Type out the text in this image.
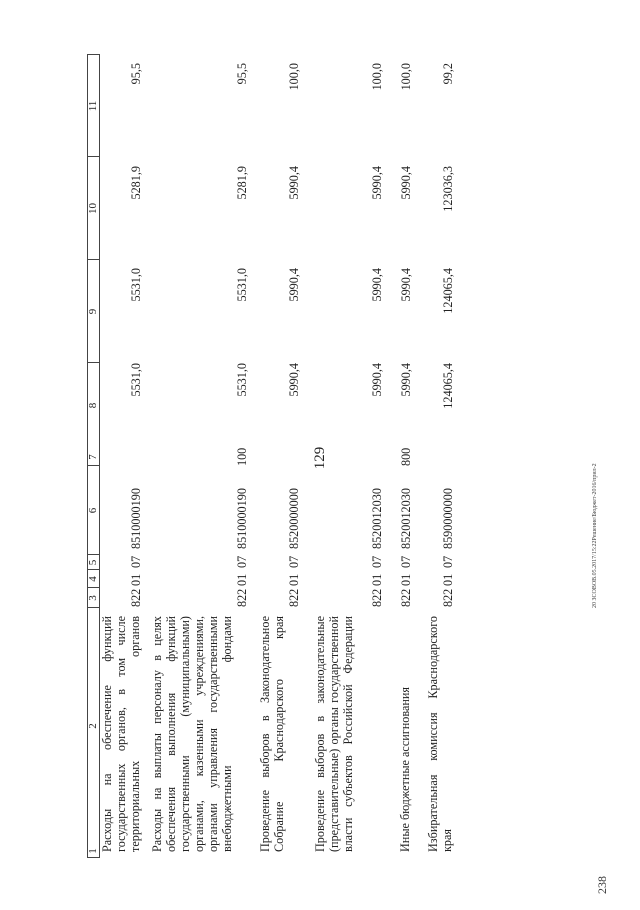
129
238
20 ЗСОВОВ.05.2017/15:22Решение/Бюджет-2016/прил-2
1
2
3
4
5
6
7
8
9
10
11
Расходы на обеспечение функций государственных органов, в том числе территориальных органов
822
01
07
8510000190
5531,0
5531,0
5281,9
95,5
Расходы на выплаты персоналу в целях обеспечения выполнения функций государственными (муниципальными) органами, казенными учреждениями, органами управления государственными внебюджетными фондами
822
01
07
8510000190
100
5531,0
5531,0
5281,9
95,5
Проведение выборов в Законодательное Собрание Краснодарского края
822
01
07
8520000000
5990,4
5990,4
5990,4
100,0
Проведение выборов в законодательные (представительные) органы государственной власти субъектов Российской Федерации
822
01
07
8520012030
5990,4
5990,4
5990,4
100,0
Иные бюджетные ассигнования
822
01
07
8520012030
800
5990,4
5990,4
5990,4
100,0
Избирательная комиссия Краснодарского края
822
01
07
8590000000
124065,4
124065,4
123036,3
99,2
